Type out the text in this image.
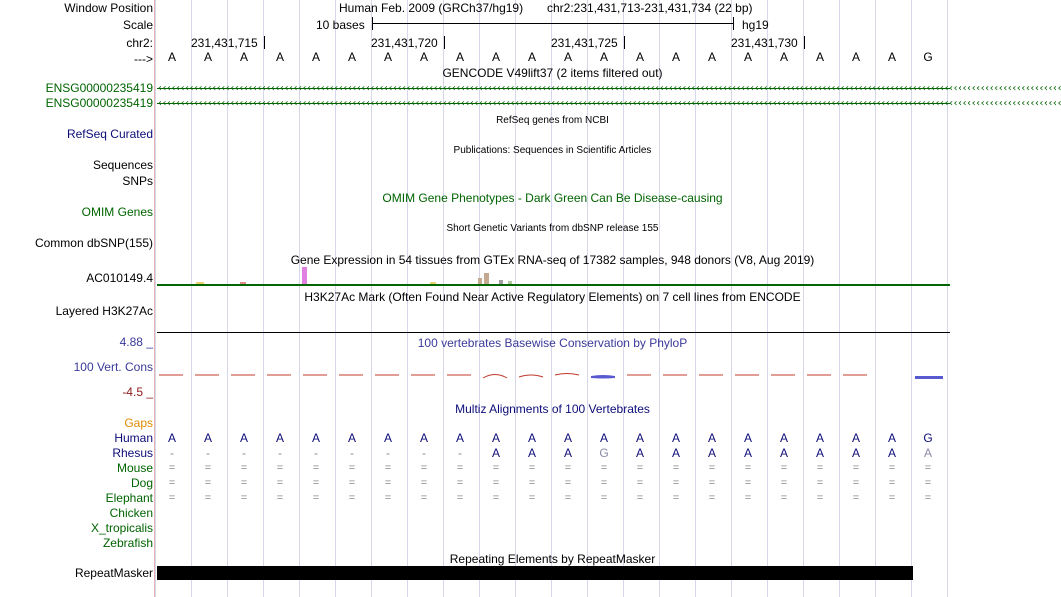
Window Position
Scale
chr2:
--->
Human Feb. 2009 (GRCh37/hg19) chr2:231,431,713-231,431,734 (22 bp)
10 bases	hg19
231,431,715	231,431,720	231,431,725	231,431,730
A	A	A	A	A	A	A	A	A	A	A	A	A	A	A	A	A	A	A	A	A	G
GENCODE V49lift37 (2 items filtered out)
ENSG00000235419 ‹‹‹‹‹‹‹‹‹‹‹‹‹‹‹‹‹‹‹‹‹‹‹‹‹‹‹‹‹‹‹‹‹‹‹‹‹‹‹‹‹‹‹‹‹‹‹‹‹‹‹‹‹‹‹‹‹‹‹‹‹‹‹‹‹‹‹‹‹‹‹‹‹‹‹‹‹‹‹‹‹‹‹‹‹‹‹‹‹‹‹‹‹‹‹‹‹‹‹‹‹‹‹‹‹‹‹‹‹‹‹‹‹‹‹‹‹‹‹‹‹‹‹‹‹‹‹‹‹‹‹‹‹‹‹‹‹‹‹‹‹‹‹‹‹‹‹‹‹‹‹‹‹‹‹‹‹‹‹‹‹‹‹‹‹‹‹‹‹‹‹‹‹‹‹‹‹‹‹‹‹‹‹‹‹‹‹‹‹‹‹‹‹‹‹‹‹‹‹‹
ENSG00000235419 ‹‹‹‹‹‹‹‹‹‹‹‹‹‹‹‹‹‹‹‹‹‹‹‹‹‹‹‹‹‹‹‹‹‹‹‹‹‹‹‹‹‹‹‹‹‹‹‹‹‹‹‹‹‹‹‹‹‹‹‹‹‹‹‹‹‹‹‹‹‹‹‹‹‹‹‹‹‹‹‹‹‹‹‹‹‹‹‹‹‹‹‹‹‹‹‹‹‹‹‹‹‹‹‹‹‹‹‹‹‹‹‹‹‹‹‹‹‹‹‹‹‹‹‹‹‹‹‹‹‹‹‹‹‹‹‹‹‹‹‹‹‹‹‹‹‹‹‹‹‹‹‹‹‹‹‹‹‹‹‹‹‹‹‹‹‹‹‹‹‹‹‹‹‹‹‹‹‹‹‹‹‹‹‹‹‹‹‹‹‹‹‹‹‹‹‹‹‹‹‹
RefSeq genes from NCBI
RefSeq Curated
Publications: Sequences in Scientific Articles
Sequences
SNPs
OMIM Gene Phenotypes - Dark Green Can Be Disease-causing
OMIM Genes
Short Genetic Variants from dbSNP release 155
Common dbSNP(155)
Gene Expression in 54 tissues from GTEx RNA-seq of 17382 samples, 948 donors (V8, Aug 2019)
AC010149.4
H3K27Ac Mark (Often Found Near Active Regulatory Elements) on 7 cell lines from ENCODE
Layered H3K27Ac
100 vertebrates Basewise Conservation by PhyloP
4.88 _
100 Vert. Cons
-4.5 _
Multiz Alignments of 100 Vertebrates
Gaps
Human	A	A	A	A	A	A	A	A	A	A	A	A	A	A	A	A	A	A	A	A	A	G
Rhesus	-	-	-	-	-	-	-	-	-	A	A	A	G	A	A	A	A	A	A	A	A	A
Mouse	=	=	=	=	=	=	=	=	=	=	=	=	=	=	=	=	=	=	=	=	=	=
Dog	=	=	=	=	=	=	=	=	=	=	=	=	=	=	=	=	=	=	=	=	=	=
Elephant	=	=	=	=	=	=	=	=	=	=	=	=	=	=	=	=	=	=	=	=	=	=
Chicken
X_tropicalis
Zebrafish
Repeating Elements by RepeatMasker
RepeatMasker
